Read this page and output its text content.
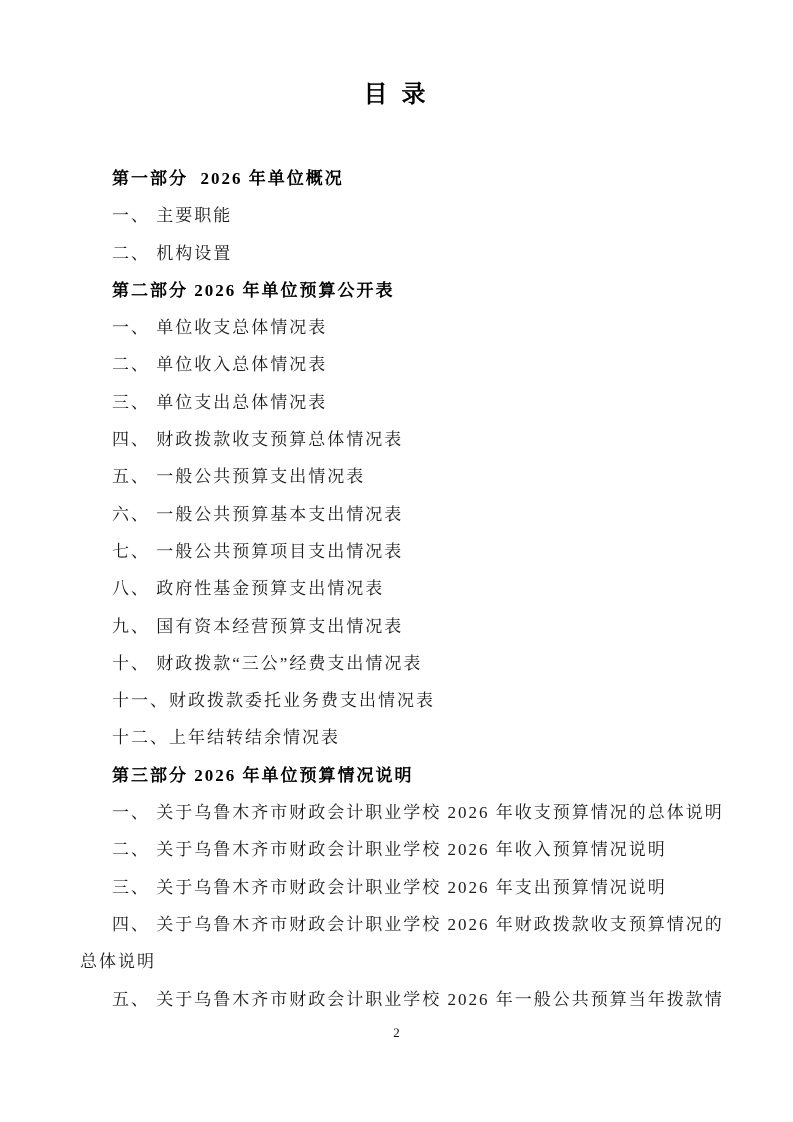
目 录

第一部分  2026 年单位概况

一、 主要职能

二、 机构设置

第二部分 2026 年单位预算公开表

一、 单位收支总体情况表

二、 单位收入总体情况表

三、 单位支出总体情况表

四、 财政拨款收支预算总体情况表

五、 一般公共预算支出情况表

六、 一般公共预算基本支出情况表

七、 一般公共预算项目支出情况表

八、 政府性基金预算支出情况表

九、 国有资本经营预算支出情况表

十、 财政拨款“三公”经费支出情况表

十一、财政拨款委托业务费支出情况表

十二、上年结转结余情况表

第三部分 2026 年单位预算情况说明

一、 关于乌鲁木齐市财政会计职业学校 2026 年收支预算情况的总体说明

二、 关于乌鲁木齐市财政会计职业学校 2026 年收入预算情况说明

三、 关于乌鲁木齐市财政会计职业学校 2026 年支出预算情况说明

四、 关于乌鲁木齐市财政会计职业学校 2026 年财政拨款收支预算情况的

总体说明

五、 关于乌鲁木齐市财政会计职业学校 2026 年一般公共预算当年拨款情

2
